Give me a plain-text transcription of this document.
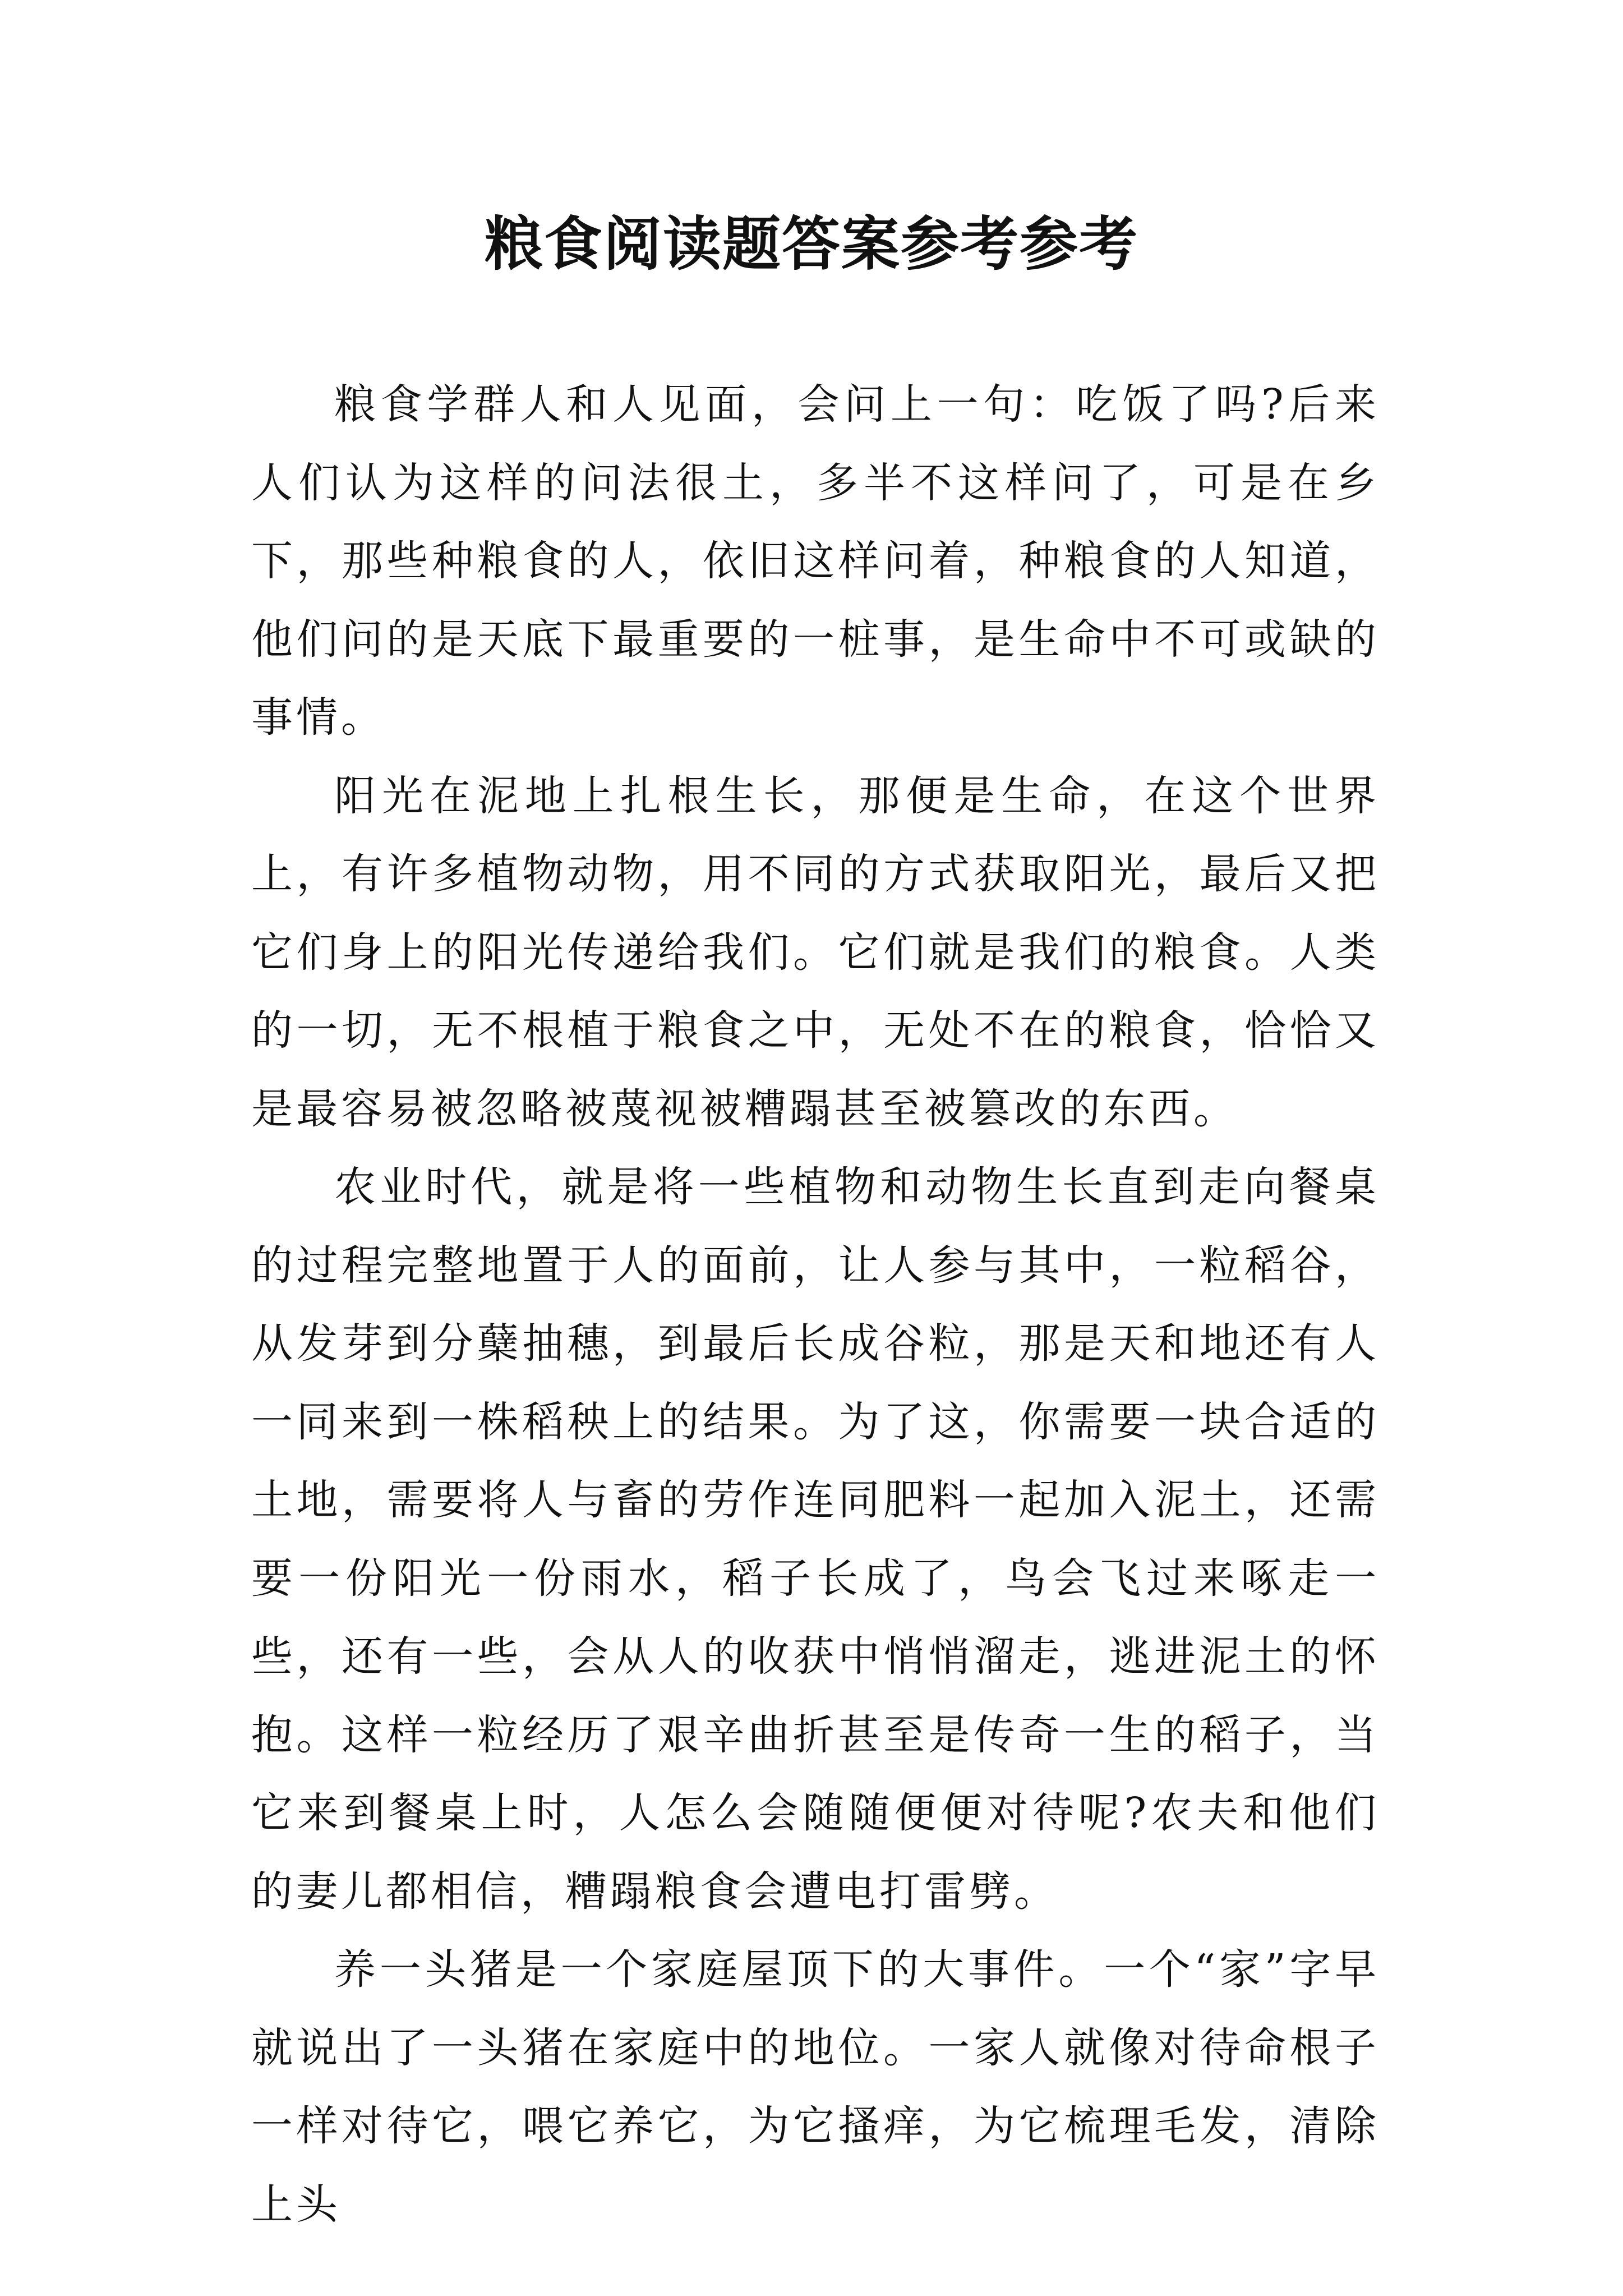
粮食阅读题答案参考参考

粮食学群人和人见面，会问上一句：吃饭了吗?后来人们认为这样的问法很土，多半不这样问了，可是在乡下，那些种粮食的人，依旧这样问着，种粮食的人知道，他们问的是天底下最重要的一桩事，是生命中不可或缺的事情。

阳光在泥地上扎根生长，那便是生命，在这个世界上，有许多植物动物，用不同的方式获取阳光，最后又把它们身上的阳光传递给我们。它们就是我们的粮食。人类的一切，无不根植于粮食之中，无处不在的粮食，恰恰又是最容易被忽略被蔑视被糟蹋甚至被篡改的东西。

农业时代，就是将一些植物和动物生长直到走向餐桌的过程完整地置于人的面前，让人参与其中，一粒稻谷，从发芽到分蘖抽穗，到最后长成谷粒，那是天和地还有人一同来到一株稻秧上的结果。为了这，你需要一块合适的土地，需要将人与畜的劳作连同肥料一起加入泥土，还需要一份阳光一份雨水，稻子长成了，鸟会飞过来啄走一些，还有一些，会从人的收获中悄悄溜走，逃进泥土的怀抱。这样一粒经历了艰辛曲折甚至是传奇一生的稻子，当它来到餐桌上时，人怎么会随随便便对待呢?农夫和他们的妻儿都相信，糟蹋粮食会遭电打雷劈。

养一头猪是一个家庭屋顶下的大事件。一个“家”字早就说出了一头猪在家庭中的地位。一家人就像对待命根子一样对待它，喂它养它，为它搔痒，为它梳理毛发，清除上头
